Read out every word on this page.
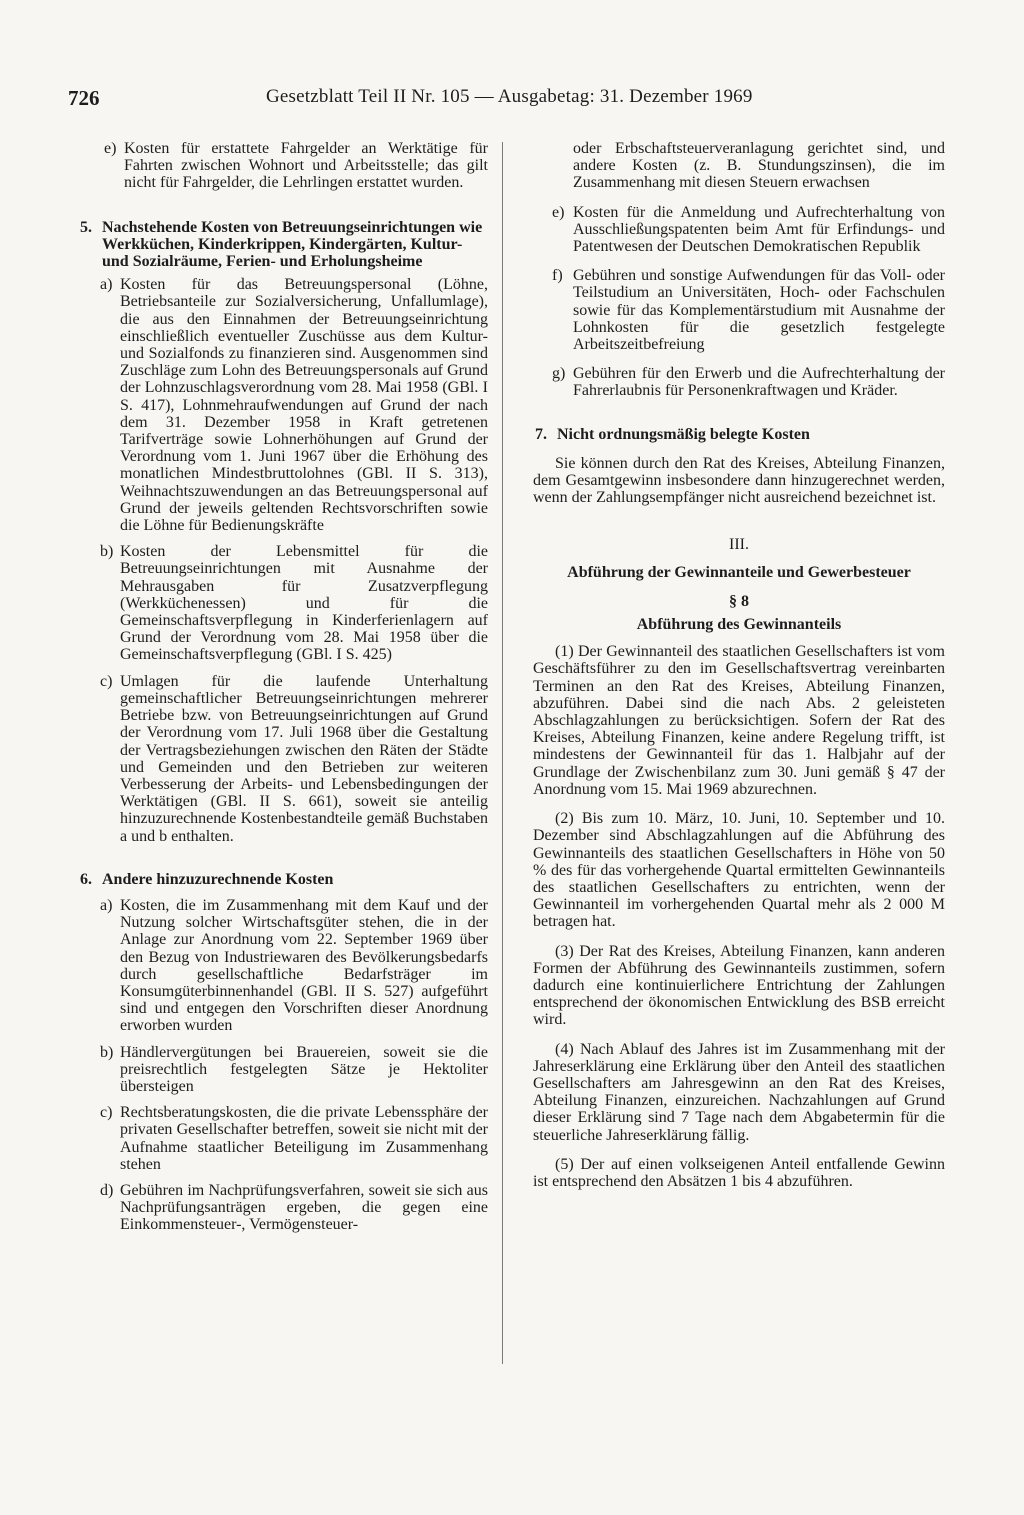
726	Gesetzblatt Teil II Nr. 105 — Ausgabetag: 31. Dezember 1969
e) Kosten für erstattete Fahrgelder an Werktätige für Fahrten zwischen Wohnort und Arbeitsstelle; das gilt nicht für Fahrgelder, die Lehrlingen erstattet wurden.

5. Nachstehende Kosten von Betreuungseinrichtungen wie Werkküchen, Kinderkrippen, Kindergärten, Kultur- und Sozialräume, Ferien- und Erholungsheime

a) Kosten für das Betreuungspersonal (Löhne, Betriebsanteile zur Sozialversicherung, Unfallumlage), die aus den Einnahmen der Betreuungseinrichtung einschließlich eventueller Zuschüsse aus dem Kultur- und Sozialfonds zu finanzieren sind. Ausgenommen sind Zuschläge zum Lohn des Betreuungspersonals auf Grund der Lohnzuschlagsverordnung vom 28. Mai 1958 (GBl. I S. 417), Lohnmehraufwendungen auf Grund der nach dem 31. Dezember 1958 in Kraft getretenen Tarifverträge sowie Lohnerhöhungen auf Grund der Verordnung vom 1. Juni 1967 über die Erhöhung des monatlichen Mindestbruttolohnes (GBl. II S. 313), Weihnachtszuwendungen an das Betreuungspersonal auf Grund der jeweils geltenden Rechtsvorschriften sowie die Löhne für Bedienungskräfte

b) Kosten der Lebensmittel für die Betreuungseinrichtungen mit Ausnahme der Mehrausgaben für Zusatzverpflegung (Werkküchenessen) und für die Gemeinschaftsverpflegung in Kinderferienlagern auf Grund der Verordnung vom 28. Mai 1958 über die Gemeinschaftsverpflegung (GBl. I S. 425)

c) Umlagen für die laufende Unterhaltung gemeinschaftlicher Betreuungseinrichtungen mehrerer Betriebe bzw. von Betreuungseinrichtungen auf Grund der Verordnung vom 17. Juli 1968 über die Gestaltung der Vertragsbeziehungen zwischen den Räten der Städte und Gemeinden und den Betrieben zur weiteren Verbesserung der Arbeits- und Lebensbedingungen der Werktätigen (GBl. II S. 661), soweit sie anteilig hinzuzurechnende Kostenbestandteile gemäß Buchstaben a und b enthalten.

6. Andere hinzuzurechnende Kosten

a) Kosten, die im Zusammenhang mit dem Kauf und der Nutzung solcher Wirtschaftsgüter stehen, die in der Anlage zur Anordnung vom 22. September 1969 über den Bezug von Industriewaren des Bevölkerungsbedarfs durch gesellschaftliche Bedarfsträger im Konsumgüterbinnenhandel (GBl. II S. 527) aufgeführt sind und entgegen den Vorschriften dieser Anordnung erworben wurden

b) Händlervergütungen bei Brauereien, soweit sie die preisrechtlich festgelegten Sätze je Hektoliter übersteigen

c) Rechtsberatungskosten, die die private Lebenssphäre der privaten Gesellschafter betreffen, soweit sie nicht mit der Aufnahme staatlicher Beteiligung im Zusammenhang stehen

d) Gebühren im Nachprüfungsverfahren, soweit sie sich aus Nachprüfungsanträgen ergeben, die gegen eine Einkommensteuer-, Vermögensteuer-

oder Erbschaftsteuerveranlagung gerichtet sind, und andere Kosten (z. B. Stundungszinsen), die im Zusammenhang mit diesen Steuern erwachsen

e) Kosten für die Anmeldung und Aufrechterhaltung von Ausschließungspatenten beim Amt für Erfindungs- und Patentwesen der Deutschen Demokratischen Republik

f) Gebühren und sonstige Aufwendungen für das Voll- oder Teilstudium an Universitäten, Hoch- oder Fachschulen sowie für das Komplementärstudium mit Ausnahme der Lohnkosten für die gesetzlich festgelegte Arbeitszeitbefreiung

g) Gebühren für den Erwerb und die Aufrechterhaltung der Fahrerlaubnis für Personenkraftwagen und Kräder.

7. Nicht ordnungsmäßig belegte Kosten

Sie können durch den Rat des Kreises, Abteilung Finanzen, dem Gesamtgewinn insbesondere dann hinzugerechnet werden, wenn der Zahlungsempfänger nicht ausreichend bezeichnet ist.

III.

Abführung der Gewinnanteile und Gewerbesteuer

§ 8

Abführung des Gewinnanteils

(1) Der Gewinnanteil des staatlichen Gesellschafters ist vom Geschäftsführer zu den im Gesellschaftsvertrag vereinbarten Terminen an den Rat des Kreises, Abteilung Finanzen, abzuführen. Dabei sind die nach Abs. 2 geleisteten Abschlagzahlungen zu berücksichtigen. Sofern der Rat des Kreises, Abteilung Finanzen, keine andere Regelung trifft, ist mindestens der Gewinnanteil für das 1. Halbjahr auf der Grundlage der Zwischenbilanz zum 30. Juni gemäß § 47 der Anordnung vom 15. Mai 1969 abzurechnen.

(2) Bis zum 10. März, 10. Juni, 10. September und 10. Dezember sind Abschlagzahlungen auf die Abführung des Gewinnanteils des staatlichen Gesellschafters in Höhe von 50 % des für das vorhergehende Quartal ermittelten Gewinnanteils des staatlichen Gesellschafters zu entrichten, wenn der Gewinnanteil im vorhergehenden Quartal mehr als 2 000 M betragen hat.

(3) Der Rat des Kreises, Abteilung Finanzen, kann anderen Formen der Abführung des Gewinnanteils zustimmen, sofern dadurch eine kontinuierlichere Entrichtung der Zahlungen entsprechend der ökonomischen Entwicklung des BSB erreicht wird.

(4) Nach Ablauf des Jahres ist im Zusammenhang mit der Jahreserklärung eine Erklärung über den Anteil des staatlichen Gesellschafters am Jahresgewinn an den Rat des Kreises, Abteilung Finanzen, einzureichen. Nachzahlungen auf Grund dieser Erklärung sind 7 Tage nach dem Abgabetermin für die steuerliche Jahreserklärung fällig.

(5) Der auf einen volkseigenen Anteil entfallende Gewinn ist entsprechend den Absätzen 1 bis 4 abzuführen.
